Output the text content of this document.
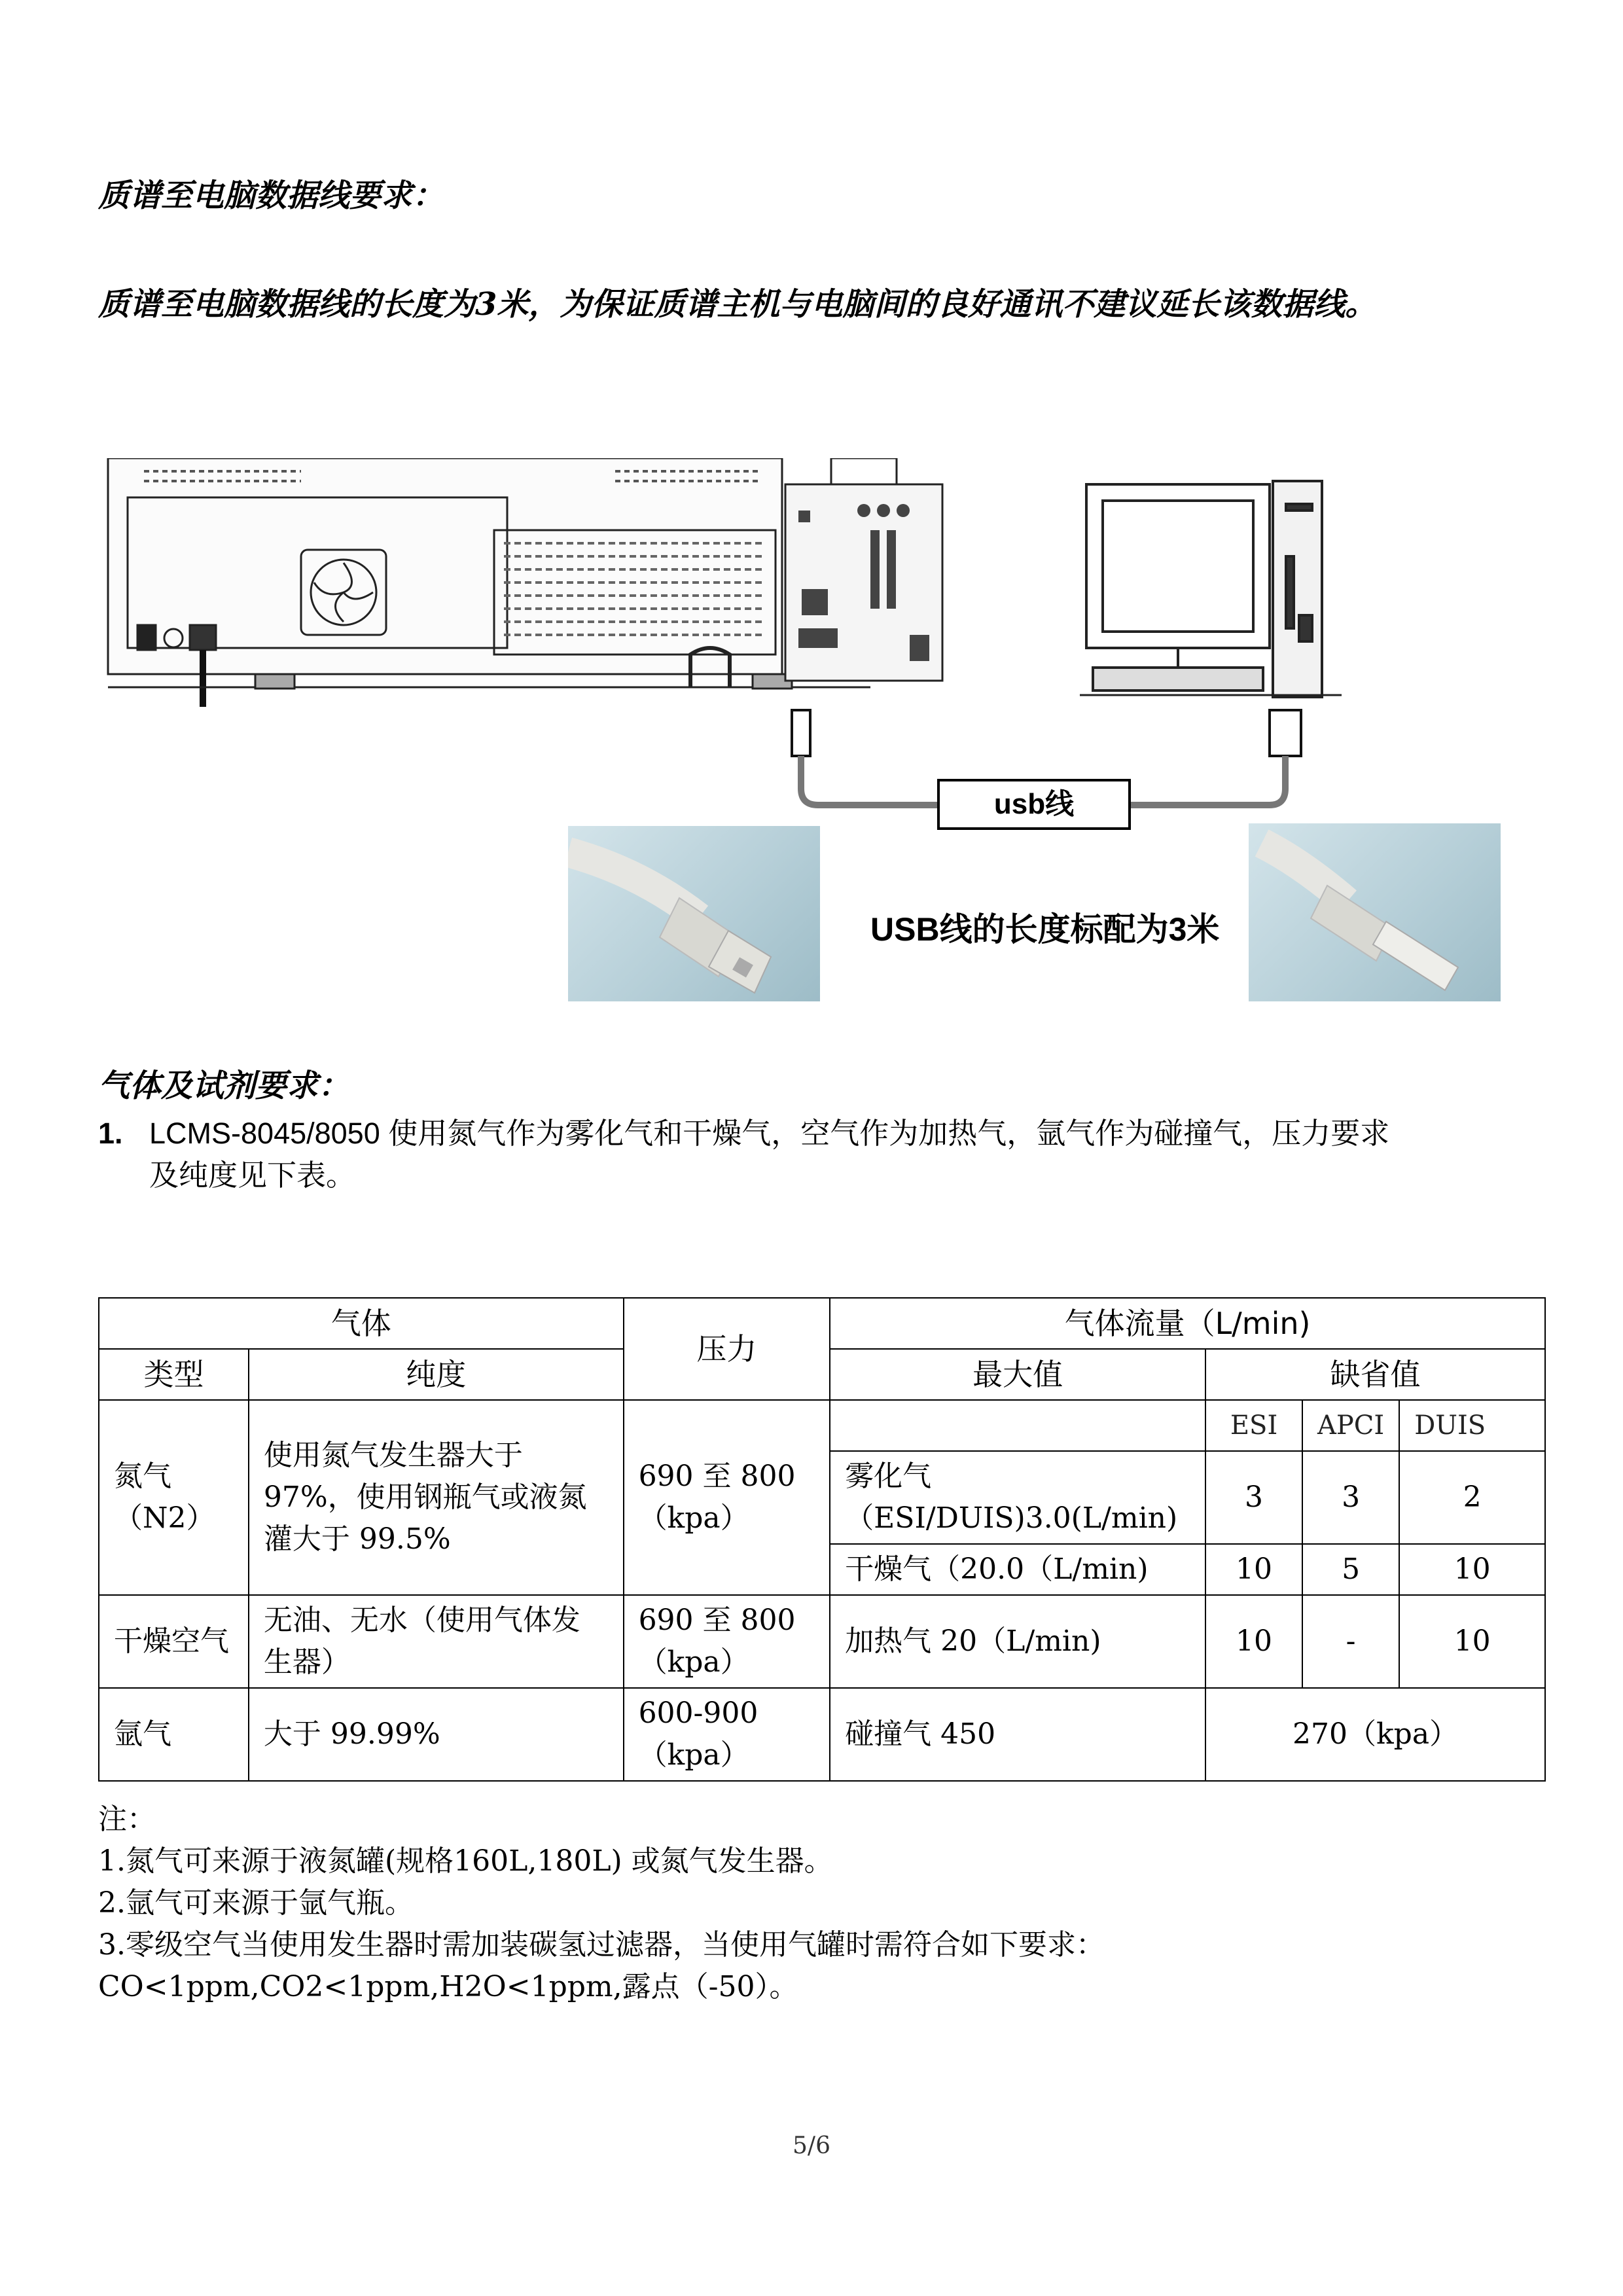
质谱至电脑数据线要求：
质谱至电脑数据线的长度为3米，为保证质谱主机与电脑间的良好通讯不建议延长该数据线。
usb线
USB线的长度标配为3米
气体及试剂要求：
1. LCMS-8045/8050 使用氮气作为雾化气和干燥气，空气作为加热气，氩气作为碰撞气，压力要求
及纯度见下表。
气体		压力	气体流量（L/min)			
类型	纯度		最大值	缺省值		
氮气（N2）	使用氮气发生器大于97%，使用钢瓶气或液氮灌大于 99.5%	690 至 800（kpa）		ESI	APCI	DUIS
			雾化气（ESI/DUIS)3.0(L/min)	3	3	2
			干燥气（20.0（L/min)	10	5	10
干燥空气	无油、无水（使用气体发生器）	690 至 800（kpa）	加热气 20（L/min)	10	-	10
氩气	大于 99.99%	600-900（kpa）	碰撞气 450	270（kpa）		
注：
1.氮气可来源于液氮罐(规格160L,180L) 或氮气发生器。
2.氩气可来源于氩气瓶。
3.零级空气当使用发生器时需加装碳氢过滤器，当使用气罐时需符合如下要求：
CO<1ppm,CO2<1ppm,H2O<1ppm,露点（-50）。
5/6
